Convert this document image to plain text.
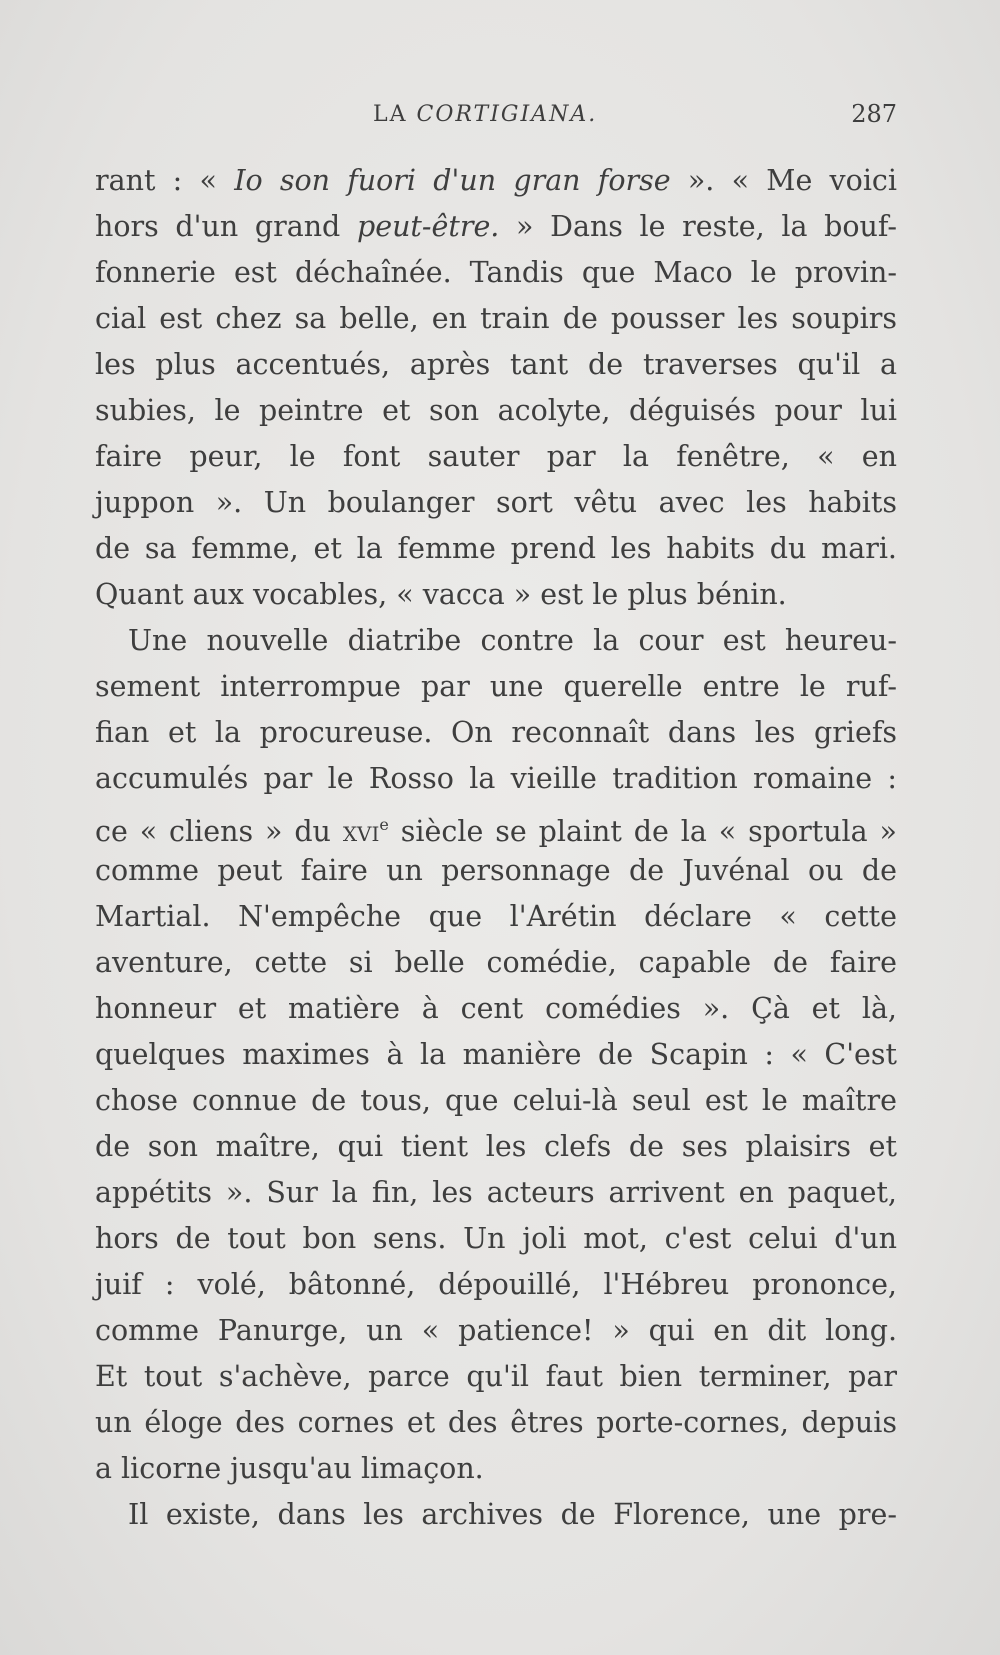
LA CORTIGIANA.	287
rant : « Io son fuori d'un gran forse ». « Me voici
hors d'un grand peut-être. » Dans le reste, la bouf-
fonnerie est déchaînée. Tandis que Maco le provin-
cial est chez sa belle, en train de pousser les soupirs
les plus accentués, après tant de traverses qu'il a
subies, le peintre et son acolyte, déguisés pour lui
faire peur, le font sauter par la fenêtre, « en
juppon ». Un boulanger sort vêtu avec les habits
de sa femme, et la femme prend les habits du mari.
Quant aux vocables, « vacca » est le plus bénin.
Une nouvelle diatribe contre la cour est heureu-
sement interrompue par une querelle entre le ruf-
fian et la procureuse. On reconnaît dans les griefs
accumulés par le Rosso la vieille tradition romaine :
ce « cliens » du xvi$^e$ siècle se plaint de la « sportula »
comme peut faire un personnage de Juvénal ou de
Martial. N'empêche que l'Arétin déclare « cette
aventure, cette si belle comédie, capable de faire
honneur et matière à cent comédies ». Çà et là,
quelques maximes à la manière de Scapin : « C'est
chose connue de tous, que celui-là seul est le maître
de son maître, qui tient les clefs de ses plaisirs et
appétits ». Sur la fin, les acteurs arrivent en paquet,
hors de tout bon sens. Un joli mot, c'est celui d'un
juif : volé, bâtonné, dépouillé, l'Hébreu prononce,
comme Panurge, un « patience! » qui en dit long.
Et tout s'achève, parce qu'il faut bien terminer, par
un éloge des cornes et des êtres porte-cornes, depuis
a licorne jusqu'au limaçon.
Il existe, dans les archives de Florence, une pre-
